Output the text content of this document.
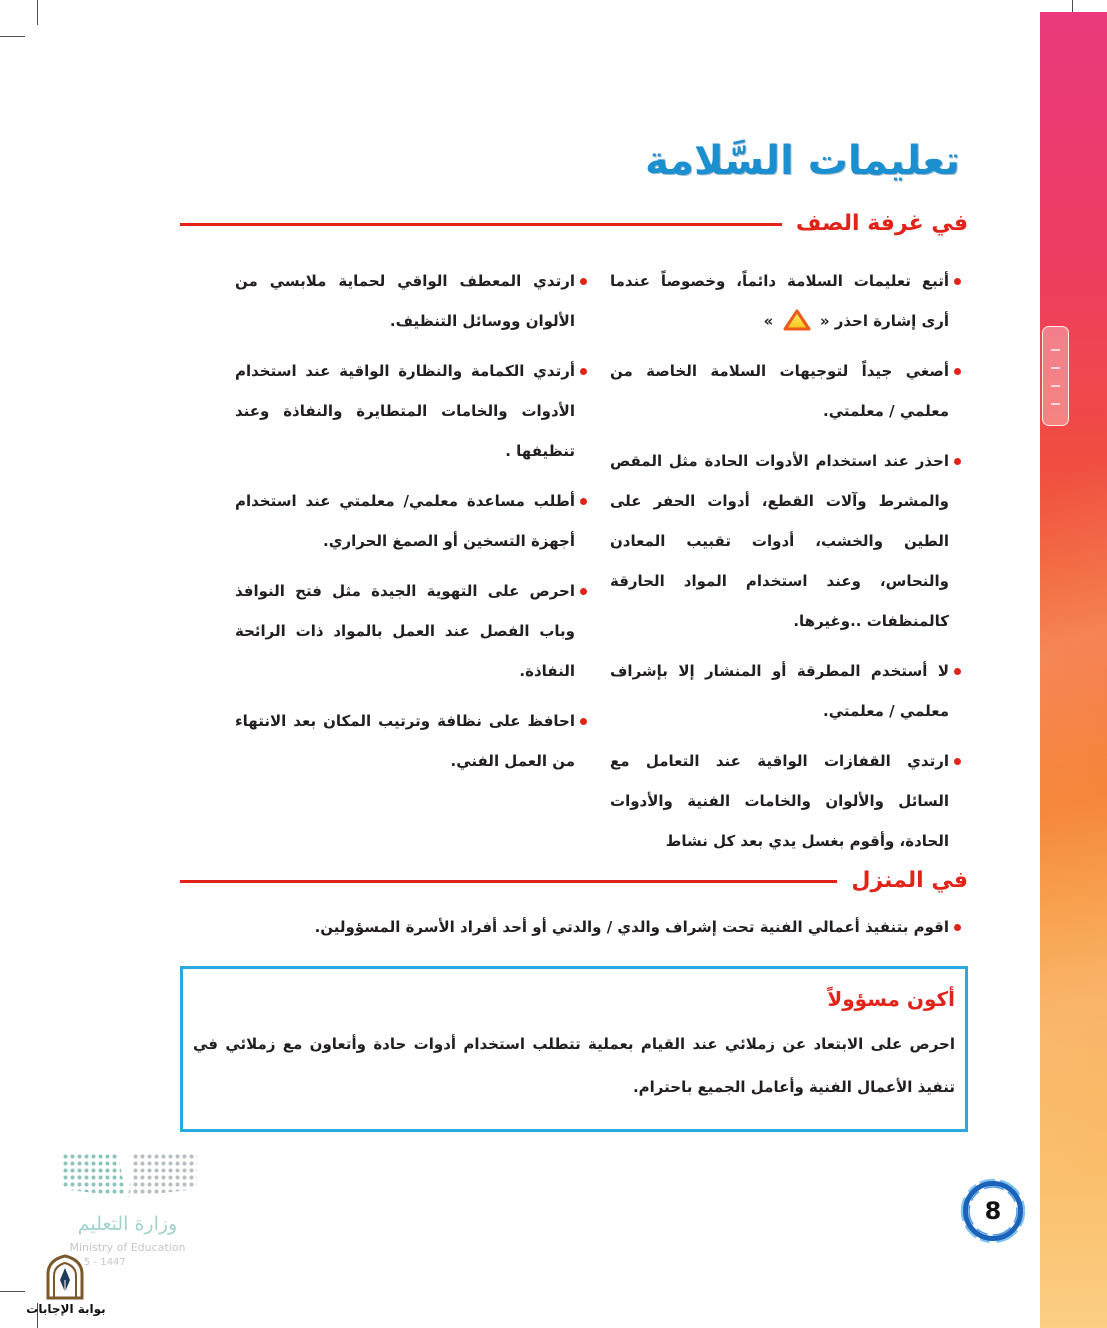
تعليمات السَّلامة
في غرفة الصف
أتبع تعليمات السلامة دائماً، وخصوصاً عندما أرى إشارة احذر «  »
أصغي جيداً لتوجيهات السلامة الخاصة من معلمي / معلمتي.
احذر عند استخدام الأدوات الحادة مثل المقص والمشرط وآلات القطع، أدوات الحفر على الطين والخشب، أدوات تقبيب المعادن والنحاس، وعند استخدام المواد الحارقة كالمنظفات ..وغيرها.
لا أستخدم المطرقة أو المنشار إلا بإشراف معلمي / معلمتي.
ارتدي القفازات الواقية عند التعامل مع السائل والألوان والخامات الفنية والأدوات الحادة، وأقوم بغسل يدي بعد كل نشاط
ارتدي المعطف الواقي لحماية ملابسي من الألوان ووسائل التنظيف.
أرتدي الكمامة والنظارة الواقية عند استخدام الأدوات والخامات المتطايرة والنفاذة وعند تنظيفها .
أطلب مساعدة معلمي/ معلمتي عند استخدام أجهزة التسخين أو الصمغ الحراري.
احرص على التهوية الجيدة مثل فتح النوافذ وباب الفصل عند العمل بالمواد ذات الرائحة النفاذة.
احافظ على نظافة وترتيب المكان بعد الانتهاء من العمل الفني.
في المنزل
اقوم بتنفيذ أعمالي الفنية تحت إشراف والدي / والدتي أو أحد أفراد الأسرة المسؤولين.
أكون مسؤولاً

احرص على الابتعاد عن زملائي عند القيام بعملية تتطلب استخدام أدوات حادة وأتعاون مع زملائي في تنفيذ الأعمال الفنية وأعامل الجميع باحترام.

8
وزارة التعليم
Ministry of Education
5 - 1447
بوابة الإجابات
